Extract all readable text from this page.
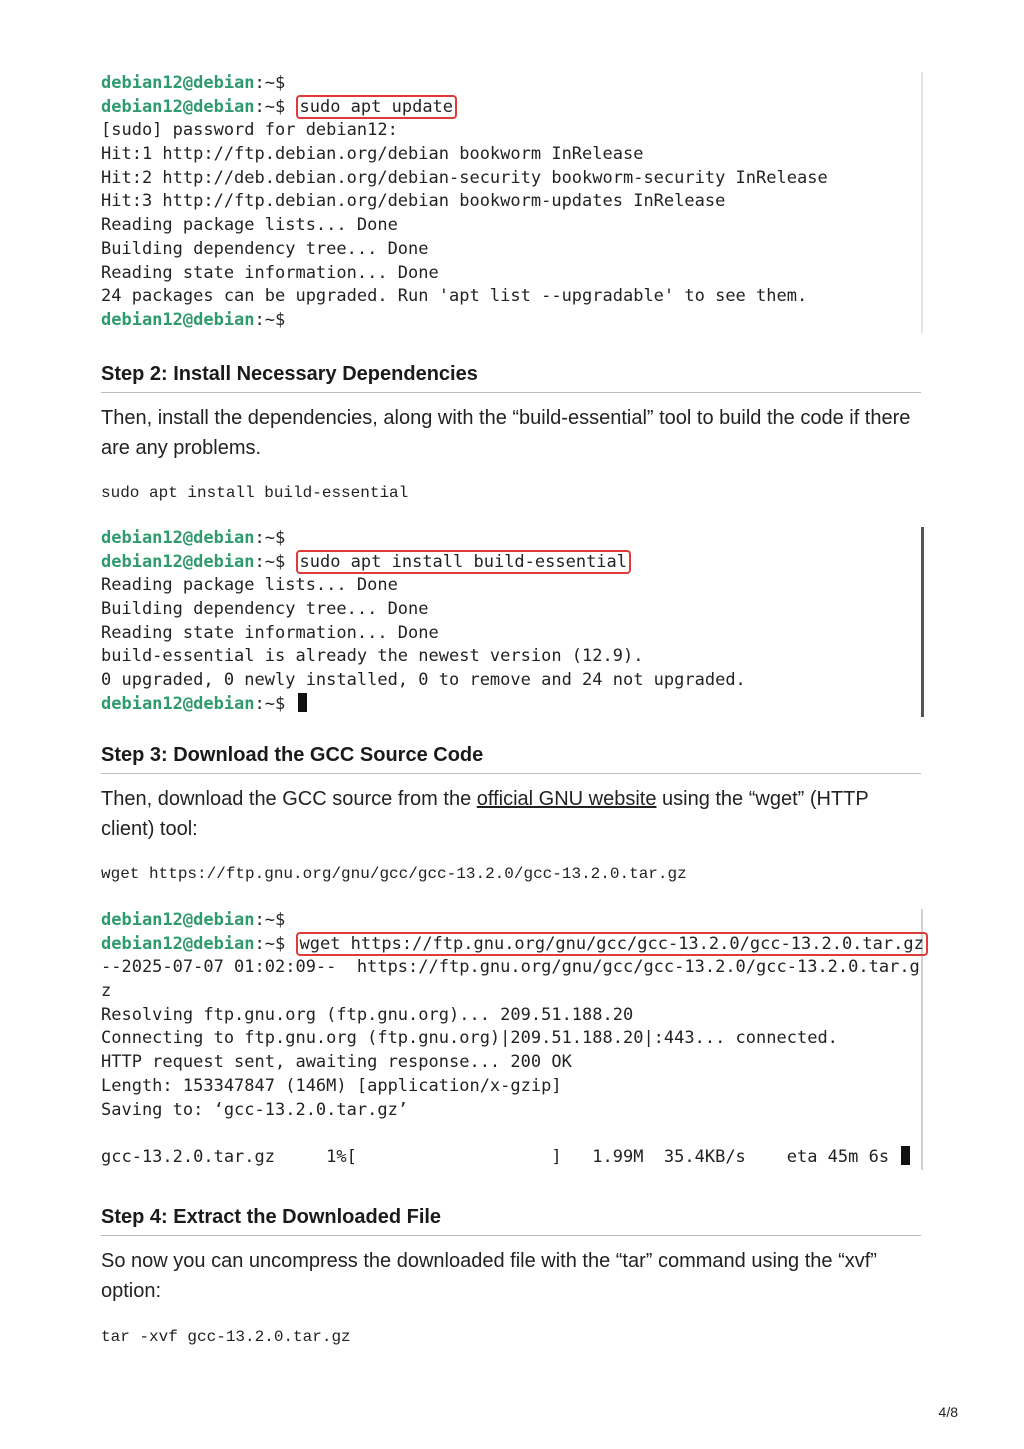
debian12@debian:~$
debian12@debian:~$ sudo apt update
[sudo] password for debian12:
Hit:1 http://ftp.debian.org/debian bookworm InRelease
Hit:2 http://deb.debian.org/debian-security bookworm-security InRelease
Hit:3 http://ftp.debian.org/debian bookworm-updates InRelease
Reading package lists... Done
Building dependency tree... Done
Reading state information... Done
24 packages can be upgraded. Run 'apt list --upgradable' to see them.
debian12@debian:~$
Step 2: Install Necessary Dependencies
Then, install the dependencies, along with the “build-essential” tool to build the code if there are any problems.
sudo apt install build-essential
debian12@debian:~$
debian12@debian:~$ sudo apt install build-essential
Reading package lists... Done
Building dependency tree... Done
Reading state information... Done
build-essential is already the newest version (12.9).
0 upgraded, 0 newly installed, 0 to remove and 24 not upgraded.
debian12@debian:~$
Step 3: Download the GCC Source Code
Then, download the GCC source from the official GNU website using the “wget” (HTTP client) tool:
wget https://ftp.gnu.org/gnu/gcc/gcc-13.2.0/gcc-13.2.0.tar.gz
debian12@debian:~$
debian12@debian:~$ wget https://ftp.gnu.org/gnu/gcc/gcc-13.2.0/gcc-13.2.0.tar.gz
--2025-07-07 01:02:09--  https://ftp.gnu.org/gnu/gcc/gcc-13.2.0/gcc-13.2.0.tar.g
z
Resolving ftp.gnu.org (ftp.gnu.org)... 209.51.188.20
Connecting to ftp.gnu.org (ftp.gnu.org)|209.51.188.20|:443... connected.
HTTP request sent, awaiting response... 200 OK
Length: 153347847 (146M) [application/x-gzip]
Saving to: ‘gcc-13.2.0.tar.gz’
gcc-13.2.0.tar.gz     1%[                   ]   1.99M  35.4KB/s    eta 45m 6s
Step 4: Extract the Downloaded File
So now you can uncompress the downloaded file with the “tar” command using the “xvf” option:
tar -xvf gcc-13.2.0.tar.gz
4/8
